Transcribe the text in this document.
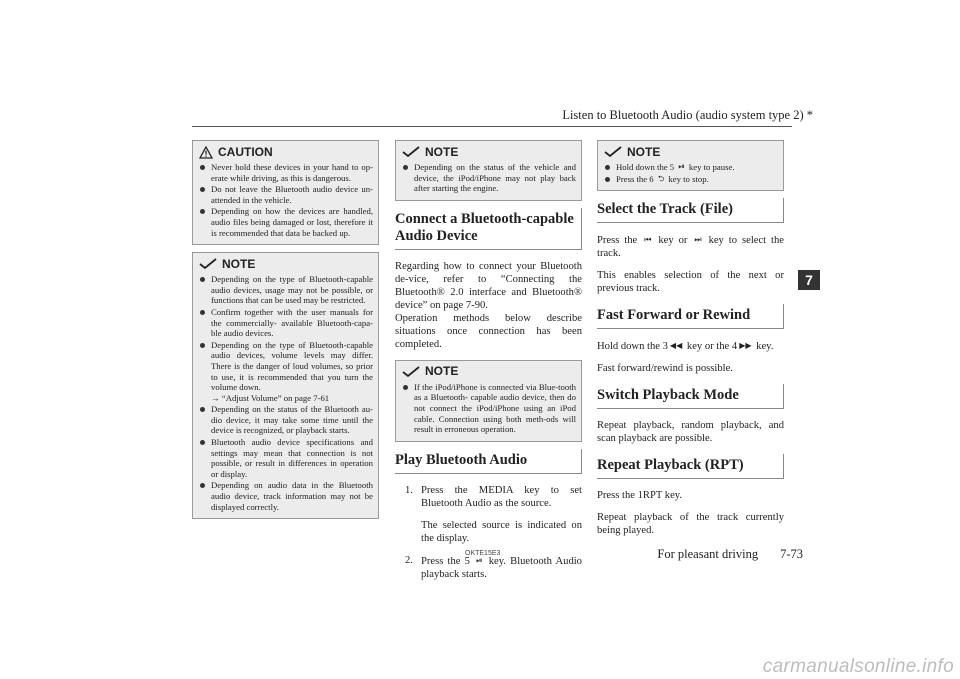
Listen to Bluetooth Audio (audio system type 2) *
7
CAUTION
Never hold these devices in your hand to op-erate while driving, as this is dangerous.
Do not leave the Bluetooth audio device un-attended in the vehicle.
Depending on how the devices are handled, audio files being damaged or lost, therefore it is recommended that data be backed up.
NOTE
Depending on the type of Bluetooth-capable audio devices, usage may not be possible, or functions that can be used may be restricted.
Confirm together with the user manuals for the commercially- available Bluetooth-capa-ble audio devices.
Depending on the type of Bluetooth-capable audio devices, volume levels may differ. There is the danger of loud volumes, so prior to use, it is recommended that you turn the volume down.
→ “Adjust Volume” on page 7-61
Depending on the status of the Bluetooth au-dio device, it may take some time until the device is recognized, or playback starts.
Bluetooth audio device specifications and settings may mean that connection is not possible, or result in differences in operation or display.
Depending on audio data in the Bluetooth audio device, track information may not be displayed correctly.
NOTE
Depending on the status of the vehicle and device, the iPod/iPhone may not play back after starting the engine.
Connect a Bluetooth-capable Audio Device

Regarding how to connect your Bluetooth de-vice, refer to “Connecting the Bluetooth® 2.0 interface and Bluetooth® device” on page 7-90.

Operation methods below describe situations once connection has been completed.

NOTE
If the iPod/iPhone is connected via Blue-tooth as a Bluetooth- capable audio device, then do not connect the iPod/iPhone using an iPod cable. Connection using both meth-ods will result in erroneous operation.
Play Bluetooth Audio
1. Press the MEDIA key to set Bluetooth Audio as the source.

The selected source is indicated on the display.

2. Press the 5 ⏯ key. Bluetooth Audio playback starts.

NOTE
Hold down the 5 ⏯ key to pause.
Press the 6 ⮌ key to stop.
Select the Track (File)

Press the ⏮ key or ⏭ key to select the track.

This enables selection of the next or previous track.

Fast Forward or Rewind

Hold down the 3 ◀◀ key or the 4 ▶▶ key.

Fast forward/rewind is possible.

Switch Playback Mode

Repeat playback, random playback, and scan playback are possible.

Repeat Playback (RPT)

Press the 1RPT key.

Repeat playback of the track currently being played.

OKTE15E3	For pleasant driving 7-73
carmanualsonline.info
